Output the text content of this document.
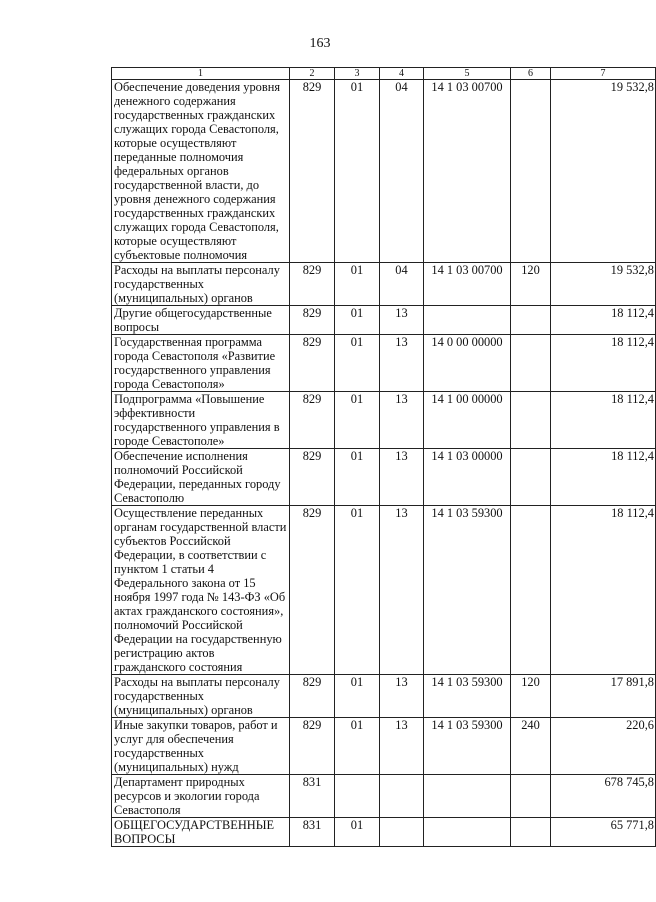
163
1	2	3	4	5	6	7
Обеспечение доведения уровня денежного содержания государственных гражданских служащих города Севастополя, которые осуществляют переданные полномочия федеральных органов государственной власти, до уровня денежного содержания государственных гражданских служащих города Севастополя, которые осуществляют субъектовые полномочия	829	01	04	14 1 03 00700		19 532,8
Расходы на выплаты персоналу государственных (муниципальных) органов	829	01	04	14 1 03 00700	120	19 532,8
Другие общегосударственные вопросы	829	01	13			18 112,4
Государственная программа города Севастополя «Развитие государственного управления города Севастополя»	829	01	13	14 0 00 00000		18 112,4
Подпрограмма «Повышение эффективности государственного управления в городе Севастополе»	829	01	13	14 1 00 00000		18 112,4
Обеспечение исполнения полномочий Российской Федерации, переданных городу Севастополю	829	01	13	14 1 03 00000		18 112,4
Осуществление переданных органам государственной власти субъектов Российской Федерации, в соответствии с пунктом 1 статьи 4 Федерального закона от 15 ноября 1997 года № 143-ФЗ «Об актах гражданского состояния», полномочий Российской Федерации на государственную регистрацию актов гражданского состояния	829	01	13	14 1 03 59300		18 112,4
Расходы на выплаты персоналу государственных (муниципальных) органов	829	01	13	14 1 03 59300	120	17 891,8
Иные закупки товаров, работ и услуг для обеспечения государственных (муниципальных) нужд	829	01	13	14 1 03 59300	240	220,6
Департамент природных ресурсов и экологии города Севастополя	831					678 745,8
ОБЩЕГОСУДАРСТВЕННЫЕ ВОПРОСЫ	831	01				65 771,8
